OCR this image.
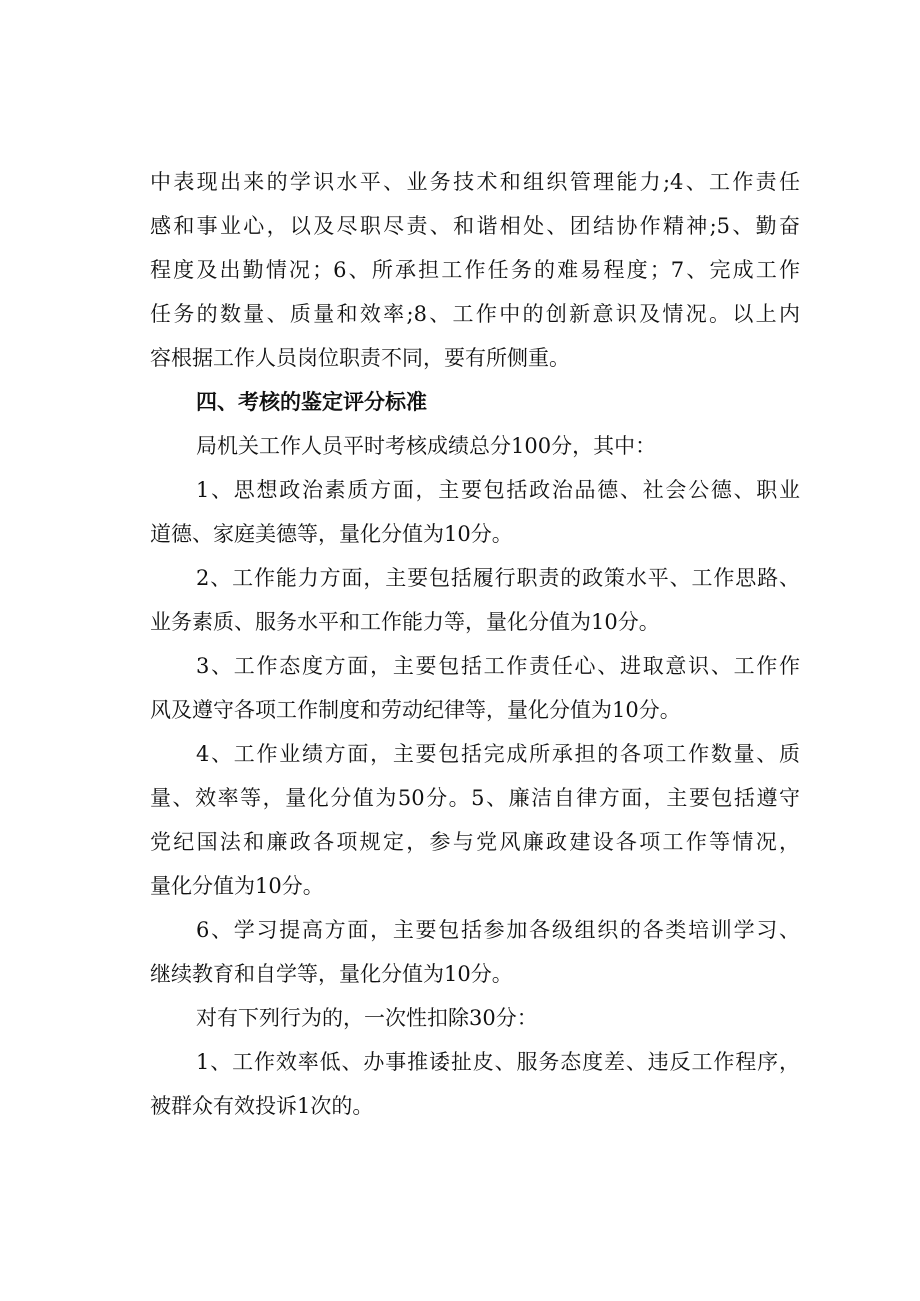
中表现出来的学识水平、业务技术和组织管理能力;4、工作责任
感和事业心，以及尽职尽责、和谐相处、团结协作精神;5、勤奋
程度及出勤情况；6、所承担工作任务的难易程度；7、完成工作
任务的数量、质量和效率;8、工作中的创新意识及情况。以上内
容根据工作人员岗位职责不同，要有所侧重。
四、考核的鉴定评分标准
局机关工作人员平时考核成绩总分100分，其中：
1、思想政治素质方面，主要包括政治品德、社会公德、职业
道德、家庭美德等，量化分值为10分。
2、工作能力方面，主要包括履行职责的政策水平、工作思路、
业务素质、服务水平和工作能力等，量化分值为10分。
3、工作态度方面，主要包括工作责任心、进取意识、工作作
风及遵守各项工作制度和劳动纪律等，量化分值为10分。
4、工作业绩方面，主要包括完成所承担的各项工作数量、质
量、效率等，量化分值为50分。5、廉洁自律方面，主要包括遵守
党纪国法和廉政各项规定，参与党风廉政建设各项工作等情况，
量化分值为10分。
6、学习提高方面，主要包括参加各级组织的各类培训学习、
继续教育和自学等，量化分值为10分。
对有下列行为的，一次性扣除30分：
1、工作效率低、办事推诿扯皮、服务态度差、违反工作程序，
被群众有效投诉1次的。
